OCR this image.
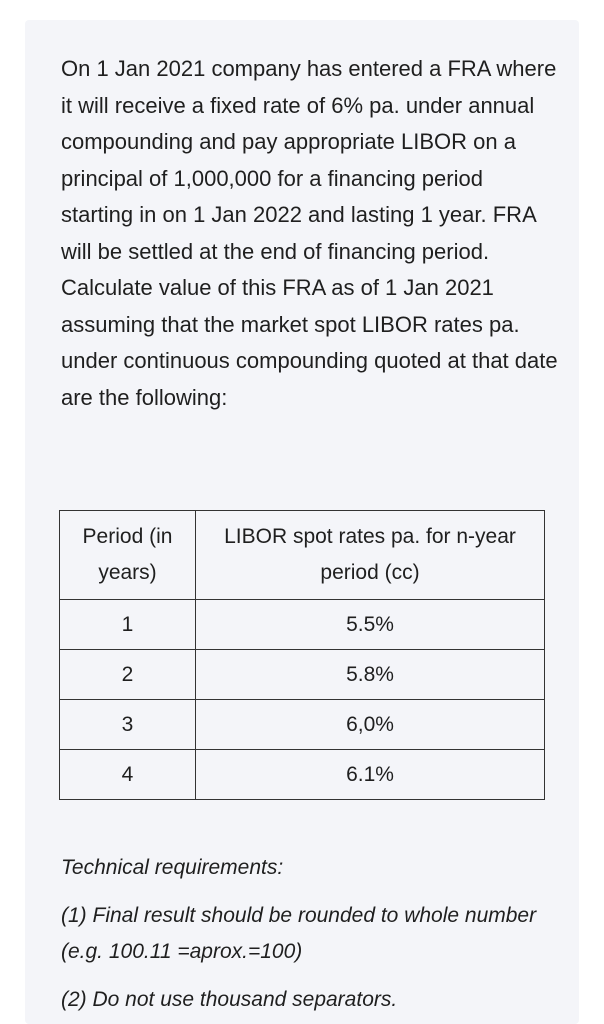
On 1 Jan 2021 company has entered a FRA where it will receive a fixed rate of 6% pa. under annual compounding and pay appropriate LIBOR on a principal of 1,000,000 for a financing period starting in on 1 Jan 2022 and lasting 1 year. FRA will be settled at the end of financing period. Calculate value of this FRA as of 1 Jan 2021 assuming that the market spot LIBOR rates pa. under continuous compounding quoted at that date are the following:

Period (in years)	LIBOR spot rates pa. for n-year period (cc)
1	5.5%
2	5.8%
3	6,0%
4	6.1%

Technical requirements:

(1) Final result should be rounded to whole number (e.g. 100.11 =aprox.=100)

(2) Do not use thousand separators.
